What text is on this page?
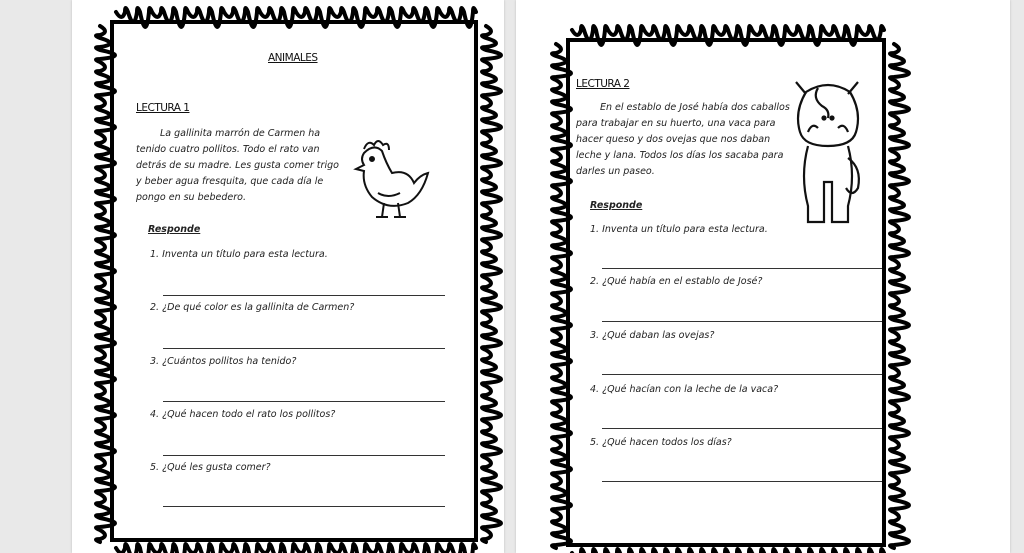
ANIMALES
LECTURA 1
La gallinita marrón de Carmen ha tenido cuatro pollitos. Todo el rato van detrás de su madre. Les gusta comer trigo y beber agua fresquita, que cada día le pongo en su bebedero.
Responde
1. Inventa un título para esta lectura.
2. ¿De qué color es la gallinita de Carmen?
3. ¿Cuántos pollitos ha tenido?
4. ¿Qué hacen todo el rato los pollitos?
5. ¿Qué les gusta comer?
LECTURA 2
En el establo de José había dos caballos para trabajar en su huerto, una vaca para hacer queso y dos ovejas que nos daban leche y lana. Todos los días los sacaba para darles un paseo.
Responde
1. Inventa un título para esta lectura.
2. ¿Qué había en el establo de José?
3. ¿Qué daban las ovejas?
4. ¿Qué hacían con la leche de la vaca?
5. ¿Qué hacen todos los días?
